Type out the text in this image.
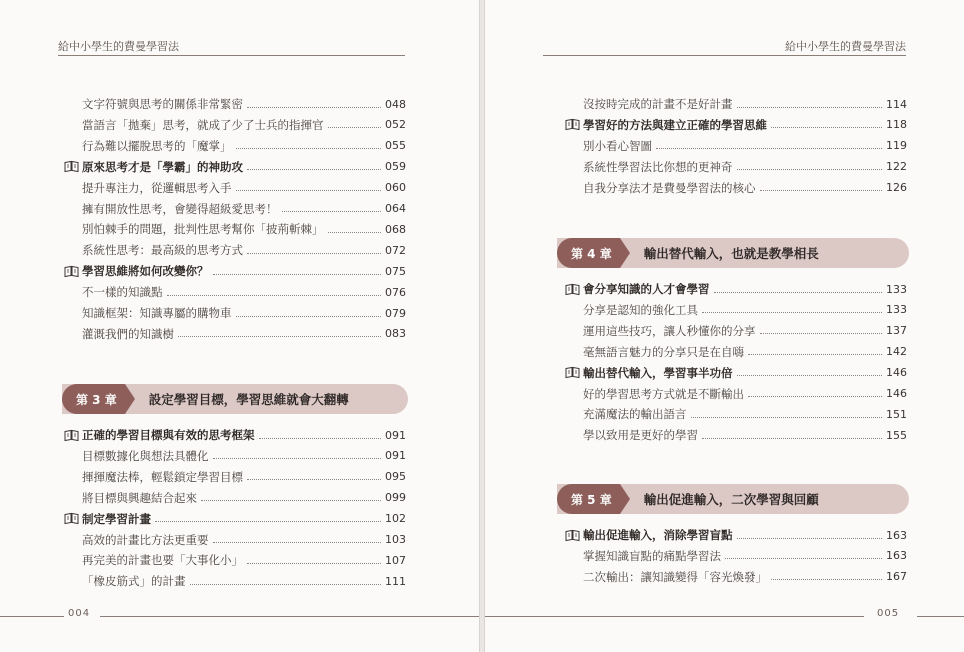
給中小學生的費曼學習法
文字符號與思考的關係非常緊密	048
當語言「拋棄」思考，就成了少了士兵的指揮官	052
行為難以擺脫思考的「魔掌」	055
原來思考才是「學霸」的神助攻	059
提升專注力，從邏輯思考入手	060
擁有開放性思考，會變得超級愛思考！	064
別怕棘手的問題，批判性思考幫你「披荊斬棘」	068
系統性思考：最高級的思考方式	072
學習思維將如何改變你？	075
不一樣的知識點	076
知識框架：知識專屬的購物車	079
灌溉我們的知識樹	083
第 3 章	設定學習目標，學習思維就會大翻轉
正確的學習目標與有效的思考框架	091
目標數據化與想法具體化	091
揮揮魔法棒，輕鬆鎖定學習目標	095
將目標與興趣結合起來	099
制定學習計畫	102
高效的計畫比方法更重要	103
再完美的計畫也要「大事化小」	107
「橡皮筋式」的計畫	111
004
給中小學生的費曼學習法
沒按時完成的計畫不是好計畫	114
學習好的方法與建立正確的學習思維	118
別小看心智圖	119
系統性學習法比你想的更神奇	122
自我分享法才是費曼學習法的核心	126
第 4 章	輸出替代輸入，也就是教學相長
會分享知識的人才會學習	133
分享是認知的強化工具	133
運用這些技巧，讓人秒懂你的分享	137
毫無語言魅力的分享只是在自嗨	142
輸出替代輸入，學習事半功倍	146
好的學習思考方式就是不斷輸出	146
充滿魔法的輸出語言	151
學以致用是更好的學習	155
第 5 章	輸出促進輸入，二次學習與回顧
輸出促進輸入，消除學習盲點	163
掌握知識盲點的痛點學習法	163
二次輸出：讓知識變得「容光煥發」	167
005
